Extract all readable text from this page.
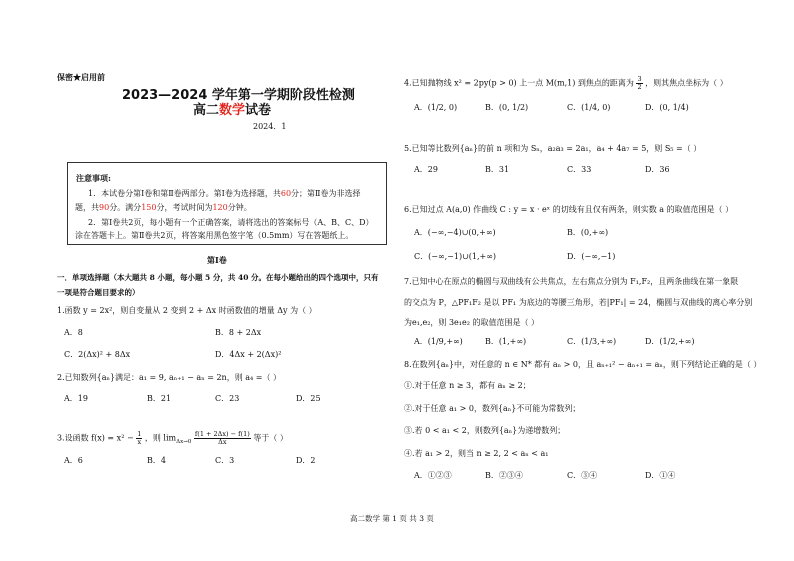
保密★启用前
2023—2024 学年第一学期阶段性检测
高二数学试卷
2024．1
注意事项:
1．本试卷分第Ⅰ卷和第Ⅱ卷两部分。第Ⅰ卷为选择题，共60分；第Ⅱ卷为非选择
题，共90分。满分150分，考试时间为120分钟。
2．第Ⅰ卷共2页，每小题有一个正确答案，请将选出的答案标号（A、B、C、D）
涂在答题卡上。第Ⅱ卷共2页，将答案用黑色签字笔（0.5mm）写在答题纸上。
第Ⅰ卷
一．单项选择题（本大题共 8 小题，每小题 5 分，共 40 分。在每小题给出的四个选项中，只有
一项是符合题目要求的）
1.函数 y = 2x²，则自变量从 2 变到 2 + Δx 时函数值的增量 Δy 为（ ）
A．8	B．8 + 2Δx
C．2(Δx)² + 8Δx	D．4Δx + 2(Δx)²
2.已知数列{aₙ}满足：a₁ = 9, aₙ₊₁ − aₙ = 2n，则 a₄ =（ ）
A．19	B．21	C．23	D．25
3.设函数 $f(x) = x^2 - \frac{1}{x}$ ，则 $\lim_{\Delta x\to 0} \frac{f(1 + 2\Delta x) - f(1)}{\Delta x}$ 等于（ ）
A．6	B．4	C．3	D．2
4.已知抛物线 x² = 2py(p > 0) 上一点 M(m,1) 到焦点的距离为 $\frac{3}{2}$ ，则其焦点坐标为（ ）
A．(1/2, 0)	B．(0, 1/2)	C．(1/4, 0)	D．(0, 1/4)
5.已知等比数列{aₙ}的前 n 项和为 Sₙ，a₂a₃ = 2a₁，a₄ + 4a₇ = 5，则 S₅ =（ ）
A．29	B．31	C．33	D．36
6.已知过点 A(a,0) 作曲线 C : y = x · eˣ 的切线有且仅有两条，则实数 a 的取值范围是（ ）
A．(−∞,−4)∪(0,+∞)	B．(0,+∞)
C．(−∞,−1)∪(1,+∞)	D．(−∞,−1)
7.已知中心在原点的椭圆与双曲线有公共焦点，左右焦点分别为 F₁,F₂，且两条曲线在第一象限
的交点为 P，△PF₁F₂ 是以 PF₁ 为底边的等腰三角形，若|PF₁| = 24，椭圆与双曲线的离心率分别
为e₁,e₂，则 3e₁e₂ 的取值范围是（ ）
A．(1/9,+∞)	B．(1,+∞)	C．(1/3,+∞)	D．(1/2,+∞)
8.在数列{aₙ}中，对任意的 n ∈ N* 都有 aₙ > 0，且 aₙ₊₁² − aₙ₊₁ = aₙ，则下列结论正确的是（ ）
①.对于任意 n ≥ 3，都有 aₙ ≥ 2；
②.对于任意 a₁ > 0，数列{aₙ}不可能为常数列；
③.若 0 < a₁ < 2，则数列{aₙ}为递增数列；
④.若 a₁ > 2，则当 n ≥ 2, 2 < aₙ < a₁
A．①②③	B．②③④	C．③④	D．①④
高二数学 第 1 页 共 3 页
